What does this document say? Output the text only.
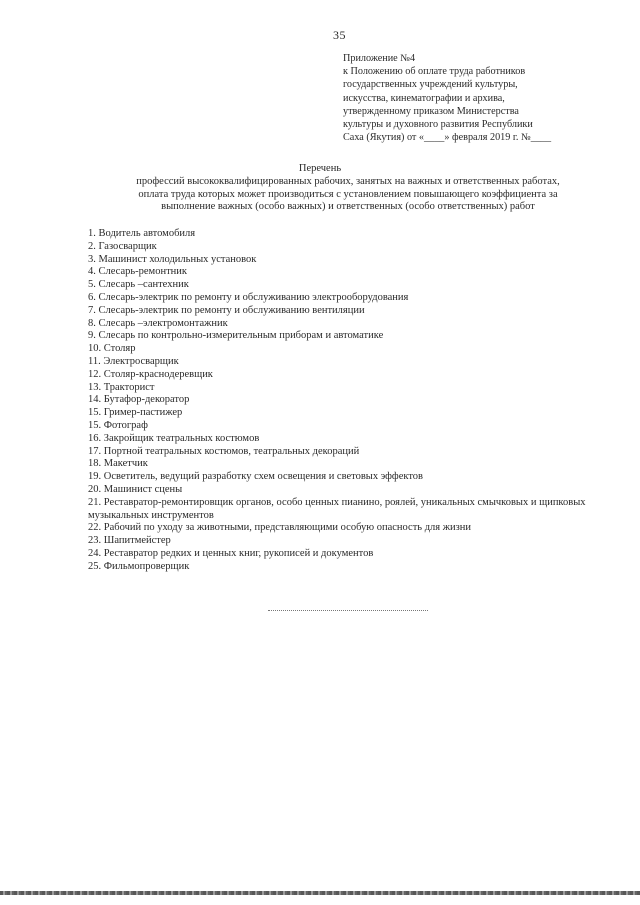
35
Приложение №4
к Положению об оплате труда работников
государственных учреждений культуры,
искусства, кинематографии и архива,
утвержденному приказом Министерства
культуры и духовного развития Республики
Саха (Якутия) от «____» февраля 2019 г. №____
Перечень
профессий высококвалифицированных рабочих, занятых на важных и ответственных работах,
оплата труда которых может производиться с установлением повышающего коэффициента за
выполнение важных (особо важных) и ответственных (особо ответственных) работ
1. Водитель автомобиля
2. Газосварщик
3. Машинист холодильных установок
4. Слесарь-ремонтник
5. Слесарь –сантехник
6. Слесарь-электрик по ремонту и обслуживанию электрооборудования
7. Слесарь-электрик по ремонту и обслуживанию вентиляции
8. Слесарь –электромонтажник
9. Слесарь по контрольно-измерительным приборам и автоматике
10. Столяр
11. Электросварщик
12. Столяр-краснодеревщик
13. Тракторист
14. Бутафор-декоратор
15. Гример-пастижер
15. Фотограф
16. Закройщик театральных костюмов
17. Портной театральных костюмов, театральных декораций
18. Макетчик
19. Осветитель, ведущий разработку схем освещения и световых эффектов
20. Машинист сцены
21. Реставратор-ремонтировщик органов, особо ценных пианино, роялей, уникальных смычковых и щипковых музыкальных инструментов
22. Рабочий по уходу за животными, представляющими особую опасность для жизни
23. Шапитмейстер
24. Реставратор редких и ценных книг, рукописей и документов
25. Фильмопроверщик
